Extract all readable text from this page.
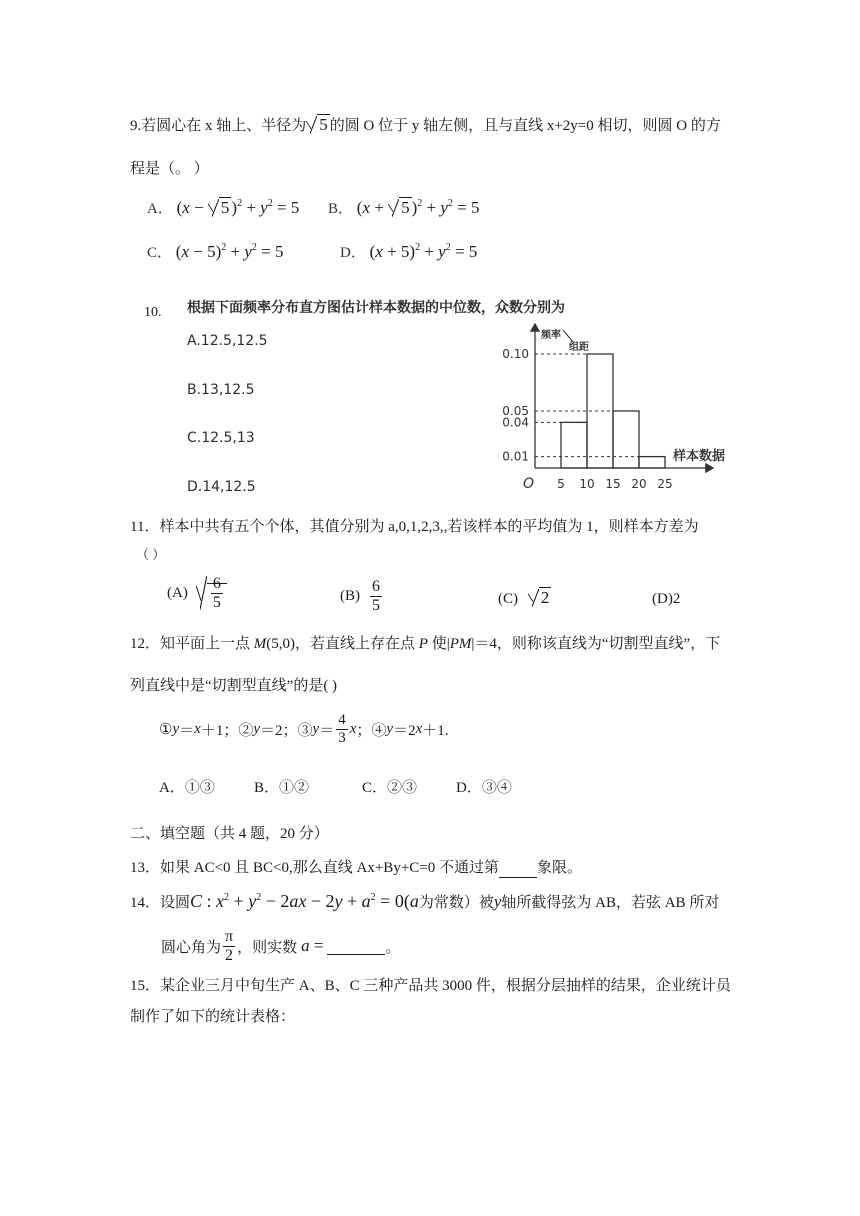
9.若圆心在 x 轴上、半径为 5 的圆 O 位于 y 轴左侧，且与直线 x+2y=0 相切，则圆 O 的方
程是（。 ）
A． (x − 5 )$^2 + y^2 = 5$ B． (x + 5 )$^2 + y^2 = 5$
C． $(x - 5)^2 + y^2 = 5$	D． $(x + 5)^2 + y^2 = 5$
10. 根据下面频率分布直方图估计样本数据的中位数，众数分别为
A.12.5,12.5
B.13,12.5
C.12.5,13
D.14,12.5
0.10
0.05
0.04
0.01
5 10 15 20 25
O
频率
组距
样本数据
11．样本中共有五个个体，其值分别为 a,0,1,2,3,,若该样本的平均值为 1，则样本方差为
（ ）
$(A) \frac{6}{5}$	$(B) \frac{6}{5}$	(C) 2	(D)2
12．知平面上一点 M(5,0)，若直线上存在点 P 使|PM|＝4，则称该直线为“切割型直线”，下
列直线中是“切割型直线”的是( )
① y ＝ x ＋1；② y ＝2；③ $y = \frac{4}{3}$ x ；④ y ＝2 x ＋1.
A．①③	B．①②	C．②③	D．③④
二、填空题（共 4 题，20 分）
13．如果 AC<0 且 BC<0,那么直线 Ax+By+C=0 不通过第	象限。
14．设圆C : $x^2 + y^2 - 2ax - 2y + a^2 = 0(a$为常数）被y轴所截得弦为 AB，若弦 AB 所对
圆心角为 $\frac{\pi}{2}$ ，则实数 a =
	。
15．某企业三月中旬生产 A、B、C 三种产品共 3000 件，根据分层抽样的结果，企业统计员
制作了如下的统计表格：
